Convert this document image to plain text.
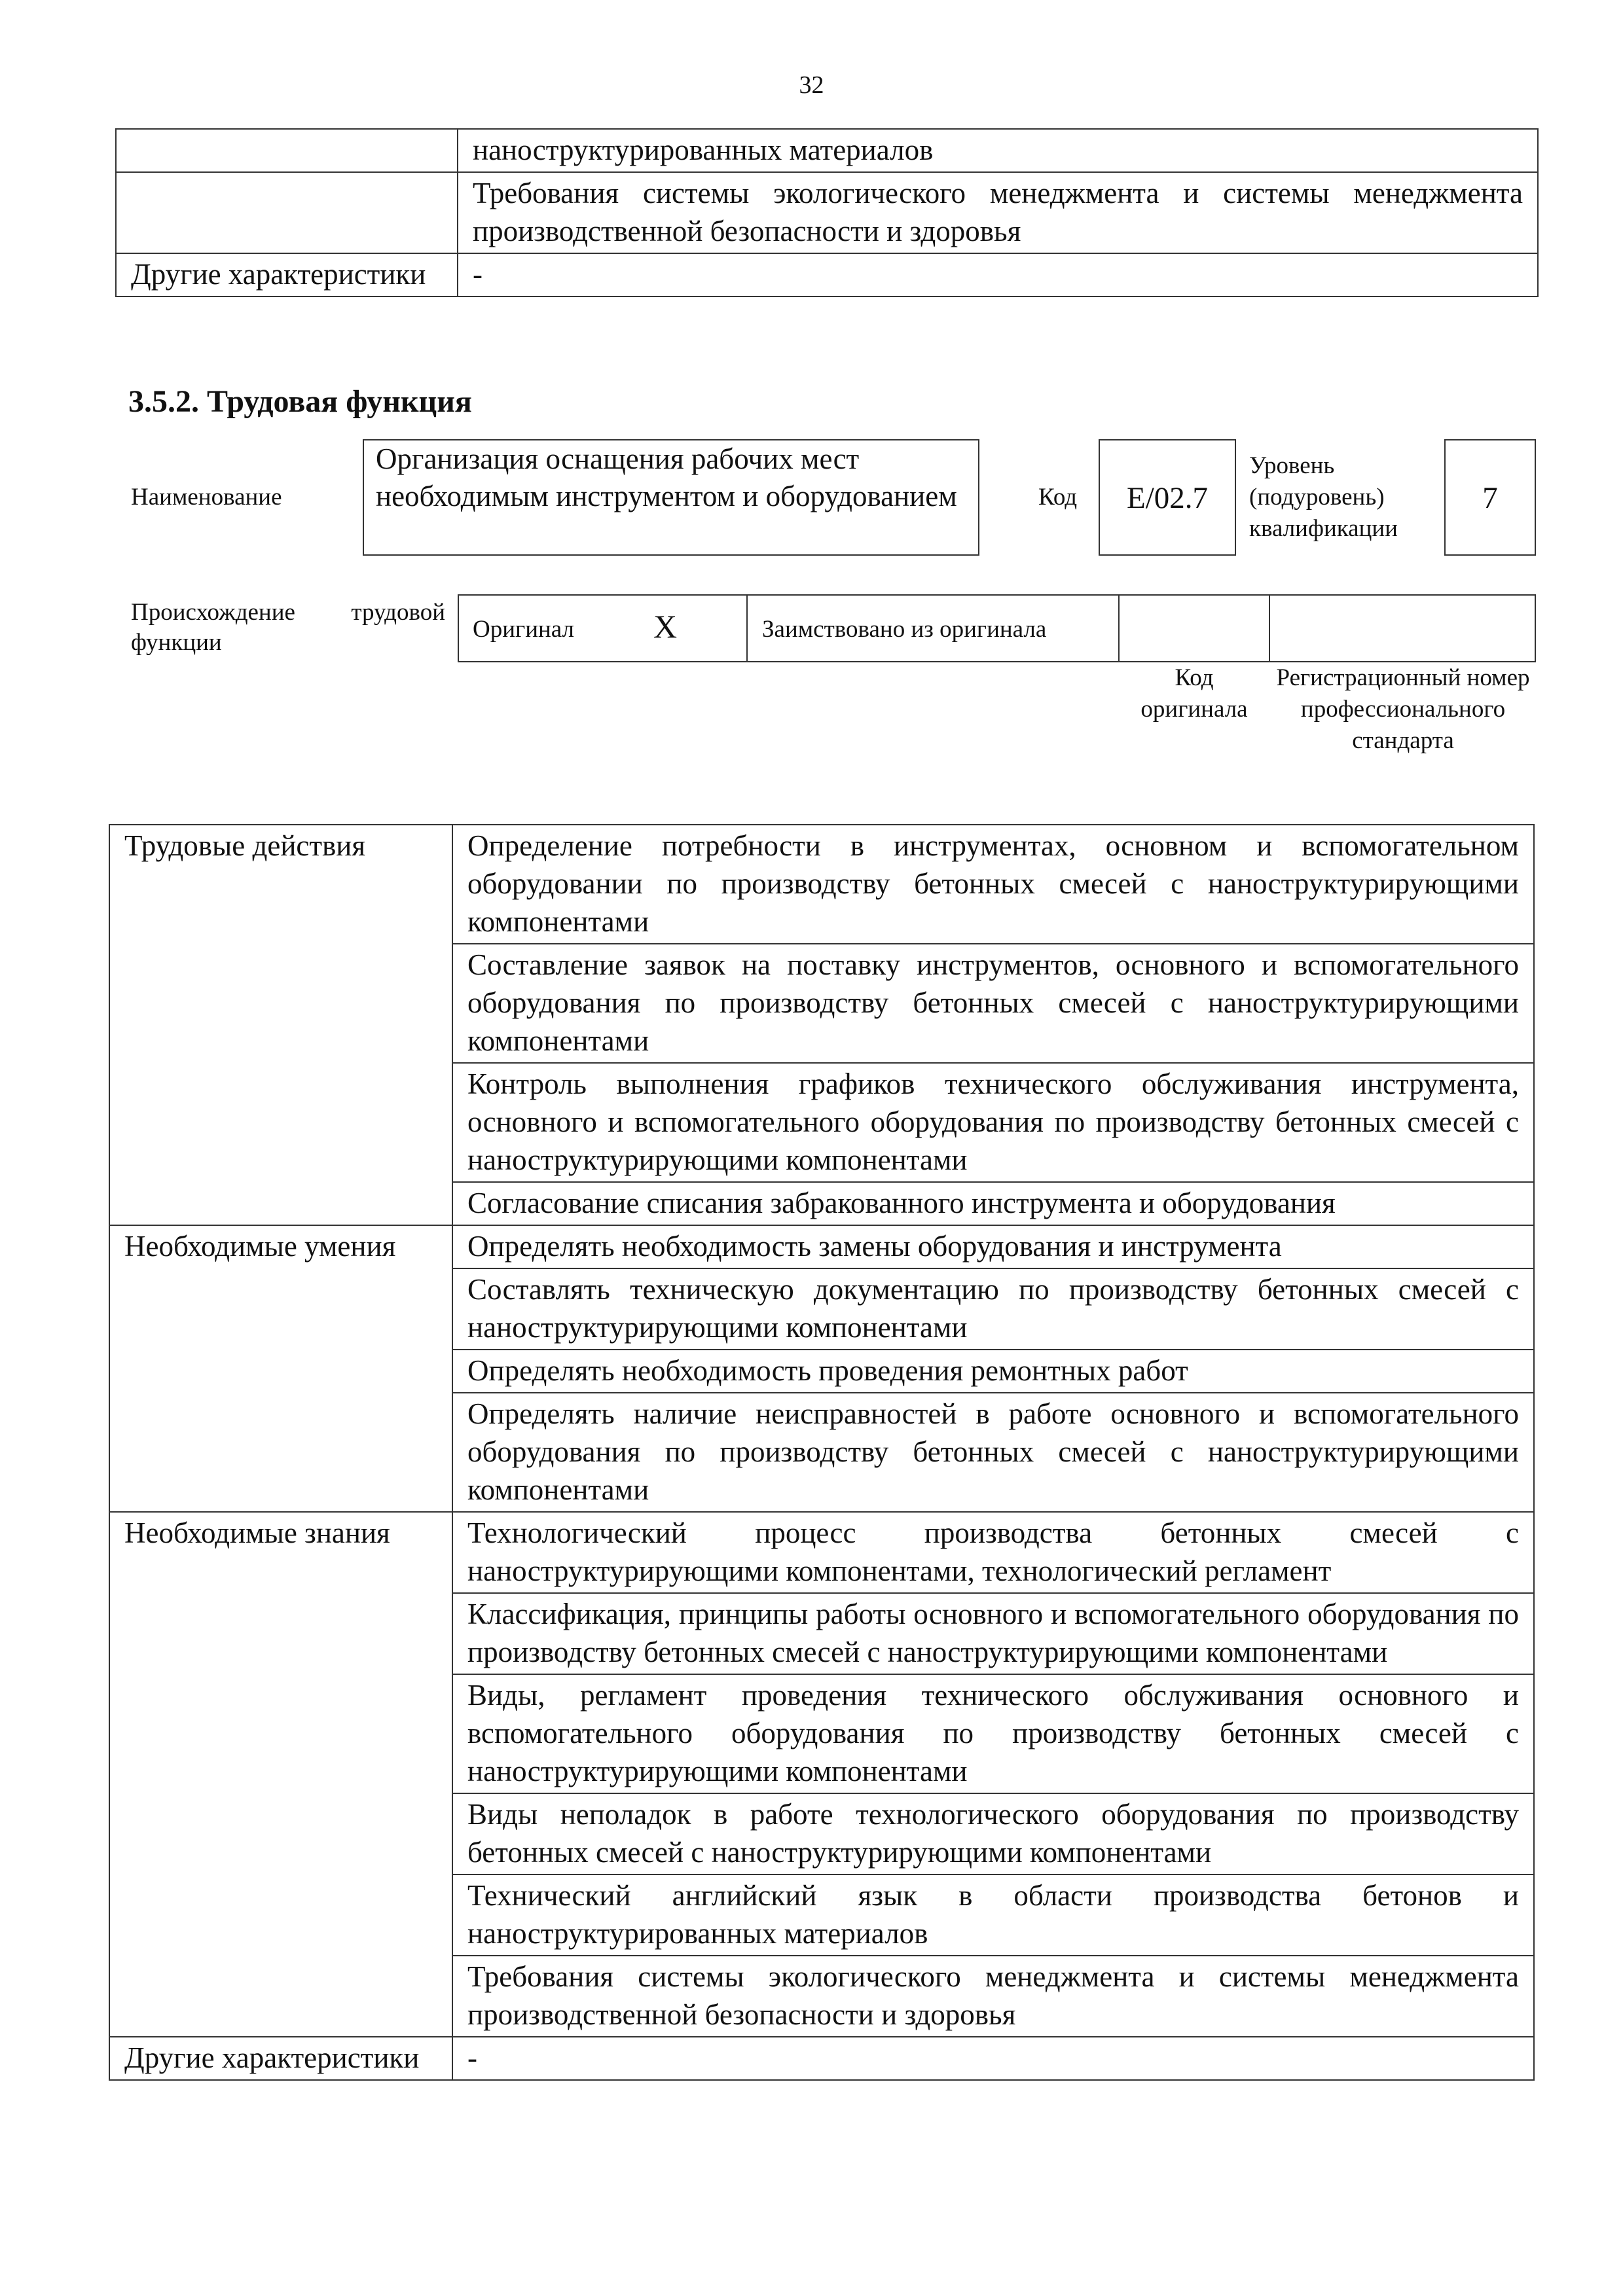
32
	наноструктурированных материалов
	Требования системы экологического менеджмента и системы менеджмента производственной безопасности и здоровья
Другие характеристики	-
3.5.2. Трудовая функция
Наименование
Организация оснащения рабочих мест необходимым инструментом и оборудованием	Код	E/02.7
Уровень (подуровень) квалификации
7
Происхождение трудовой функции	Оригинал X	Заимствовано из оригинала
Код оригинала
Регистрационный номер профессионального стандарта
Трудовые действия	Определение потребности в инструментах, основном и вспомогательном оборудовании по производству бетонных смесей с наноструктурирующими компонентами
	Составление заявок на поставку инструментов, основного и вспомогательного оборудования по производству бетонных смесей с наноструктурирующими компонентами
	Контроль выполнения графиков технического обслуживания инструмента, основного и вспомогательного оборудования по производству бетонных смесей с наноструктурирующими компонентами
	Согласование списания забракованного инструмента и оборудования
Необходимые умения	Определять необходимость замены оборудования и инструмента
	Составлять техническую документацию по производству бетонных смесей с наноструктурирующими компонентами
	Определять необходимость проведения ремонтных работ
	Определять наличие неисправностей в работе основного и вспомогательного оборудования по производству бетонных смесей с наноструктурирующими компонентами
Необходимые знания	Технологический процесс производства бетонных смесей с наноструктурирующими компонентами, технологический регламент
	Классификация, принципы работы основного и вспомогательного оборудования по производству бетонных смесей с наноструктурирующими компонентами
	Виды, регламент проведения технического обслуживания основного и вспомогательного оборудования по производству бетонных смесей с наноструктурирующими компонентами
	Виды неполадок в работе технологического оборудования по производству бетонных смесей с наноструктурирующими компонентами
	Технический английский язык в области производства бетонов и наноструктурированных материалов
	Требования системы экологического менеджмента и системы менеджмента производственной безопасности и здоровья
Другие характеристики	-
